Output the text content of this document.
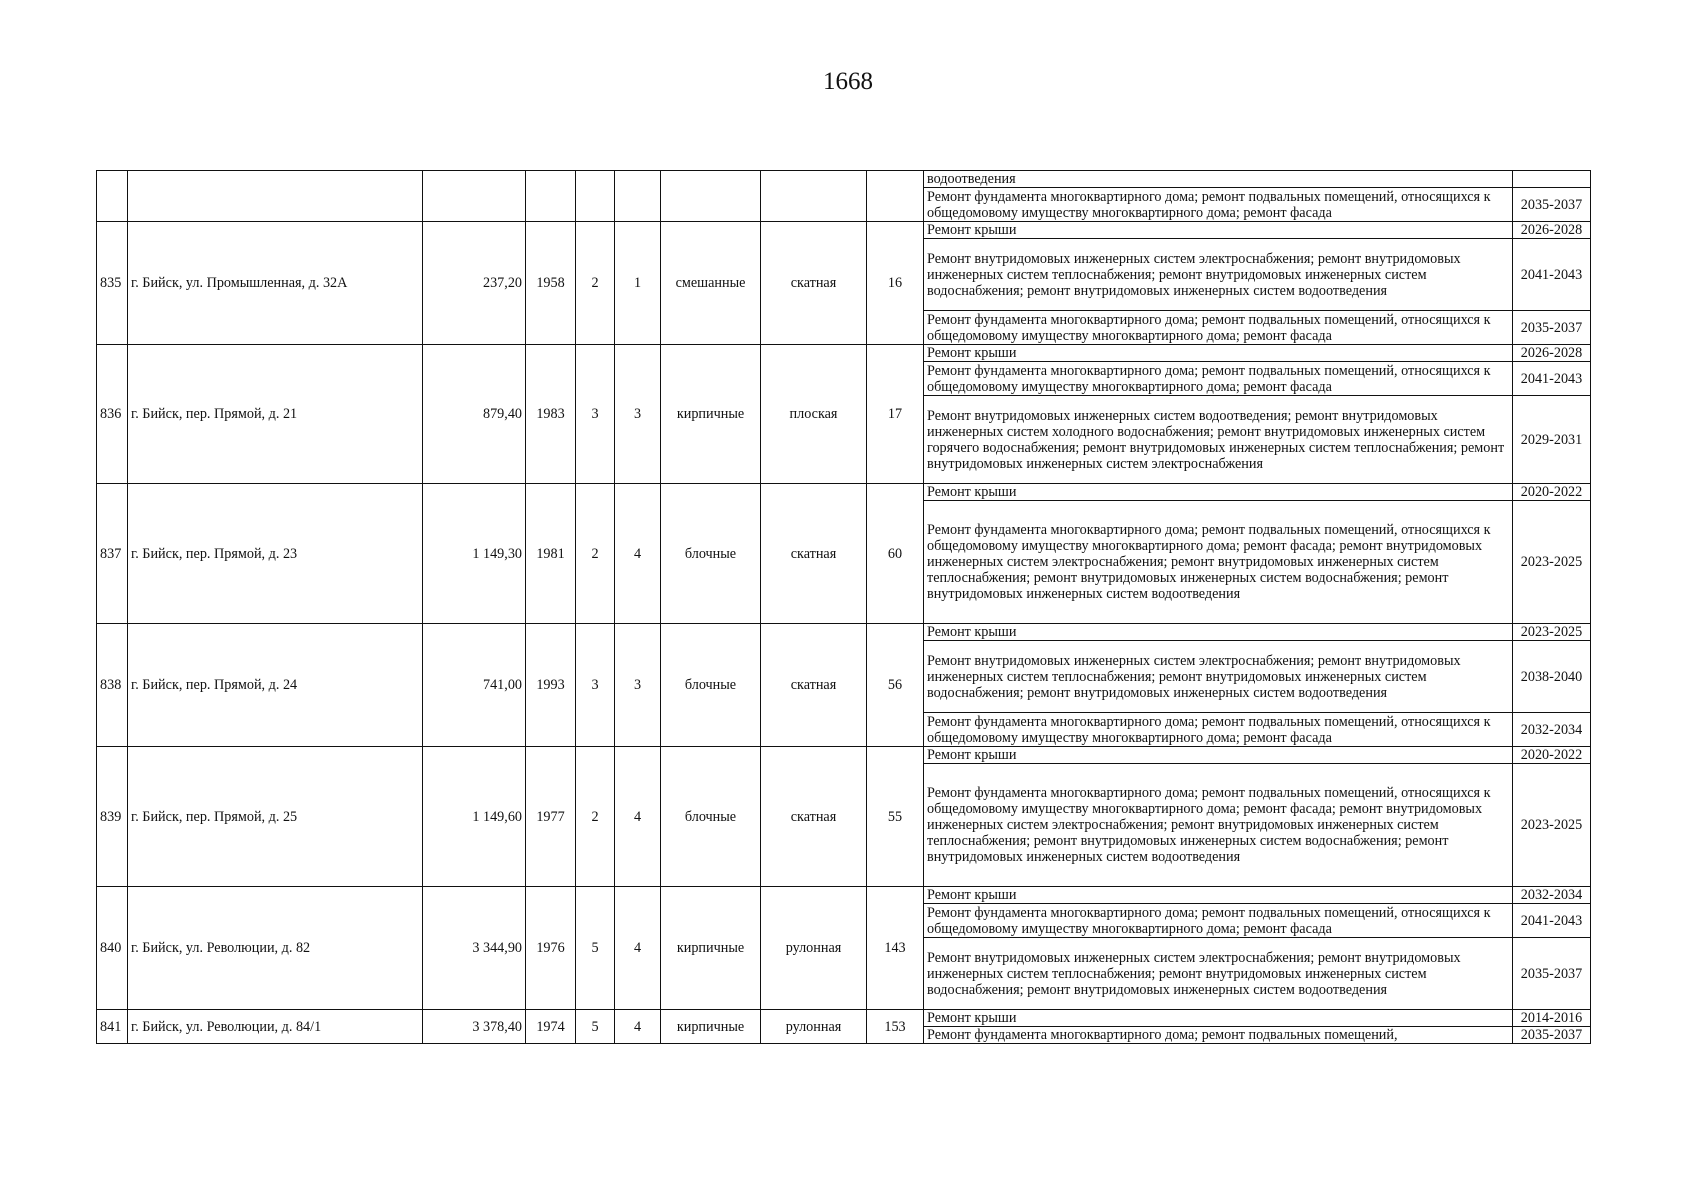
1668
									водоотведения	
									Ремонт фундамента многоквартирного дома; ремонт подвальных помещений, относящихся к общедомовому имуществу многоквартирного дома; ремонт фасада	2035-2037
835	г. Бийск, ул. Промышленная, д. 32А	237,20	1958	2	1	смешанные	скатная	16	Ремонт крыши	2026-2028
									Ремонт внутридомовых инженерных систем электроснабжения; ремонт внутридомовых инженерных систем теплоснабжения; ремонт внутридомовых инженерных систем водоснабжения; ремонт внутридомовых инженерных систем водоотведения	2041-2043
									Ремонт фундамента многоквартирного дома; ремонт подвальных помещений, относящихся к общедомовому имуществу многоквартирного дома; ремонт фасада	2035-2037
836	г. Бийск, пер. Прямой, д. 21	879,40	1983	3	3	кирпичные	плоская	17	Ремонт крыши	2026-2028
									Ремонт фундамента многоквартирного дома; ремонт подвальных помещений, относящихся к общедомовому имуществу многоквартирного дома; ремонт фасада	2041-2043
									Ремонт внутридомовых инженерных систем водоотведения; ремонт внутридомовых инженерных систем холодного водоснабжения; ремонт внутридомовых инженерных систем горячего водоснабжения; ремонт внутридомовых инженерных систем теплоснабжения; ремонт внутридомовых инженерных систем электроснабжения	2029-2031
837	г. Бийск, пер. Прямой, д. 23	1 149,30	1981	2	4	блочные	скатная	60	Ремонт крыши	2020-2022
									Ремонт фундамента многоквартирного дома; ремонт подвальных помещений, относящихся к общедомовому имуществу многоквартирного дома; ремонт фасада; ремонт внутридомовых инженерных систем электроснабжения; ремонт внутридомовых инженерных систем теплоснабжения; ремонт внутридомовых инженерных систем водоснабжения; ремонт внутридомовых инженерных систем водоотведения	2023-2025
838	г. Бийск, пер. Прямой, д. 24	741,00	1993	3	3	блочные	скатная	56	Ремонт крыши	2023-2025
									Ремонт внутридомовых инженерных систем электроснабжения; ремонт внутридомовых инженерных систем теплоснабжения; ремонт внутридомовых инженерных систем водоснабжения; ремонт внутридомовых инженерных систем водоотведения	2038-2040
									Ремонт фундамента многоквартирного дома; ремонт подвальных помещений, относящихся к общедомовому имуществу многоквартирного дома; ремонт фасада	2032-2034
839	г. Бийск, пер. Прямой, д. 25	1 149,60	1977	2	4	блочные	скатная	55	Ремонт крыши	2020-2022
									Ремонт фундамента многоквартирного дома; ремонт подвальных помещений, относящихся к общедомовому имуществу многоквартирного дома; ремонт фасада; ремонт внутридомовых инженерных систем электроснабжения; ремонт внутридомовых инженерных систем теплоснабжения; ремонт внутридомовых инженерных систем водоснабжения; ремонт внутридомовых инженерных систем водоотведения	2023-2025
840	г. Бийск, ул. Революции, д. 82	3 344,90	1976	5	4	кирпичные	рулонная	143	Ремонт крыши	2032-2034
									Ремонт фундамента многоквартирного дома; ремонт подвальных помещений, относящихся к общедомовому имуществу многоквартирного дома; ремонт фасада	2041-2043
									Ремонт внутридомовых инженерных систем электроснабжения; ремонт внутридомовых инженерных систем теплоснабжения; ремонт внутридомовых инженерных систем водоснабжения; ремонт внутридомовых инженерных систем водоотведения	2035-2037
841	г. Бийск, ул. Революции, д. 84/1	3 378,40	1974	5	4	кирпичные	рулонная	153	Ремонт крыши	2014-2016
									Ремонт фундамента многоквартирного дома; ремонт подвальных помещений,	2035-2037
